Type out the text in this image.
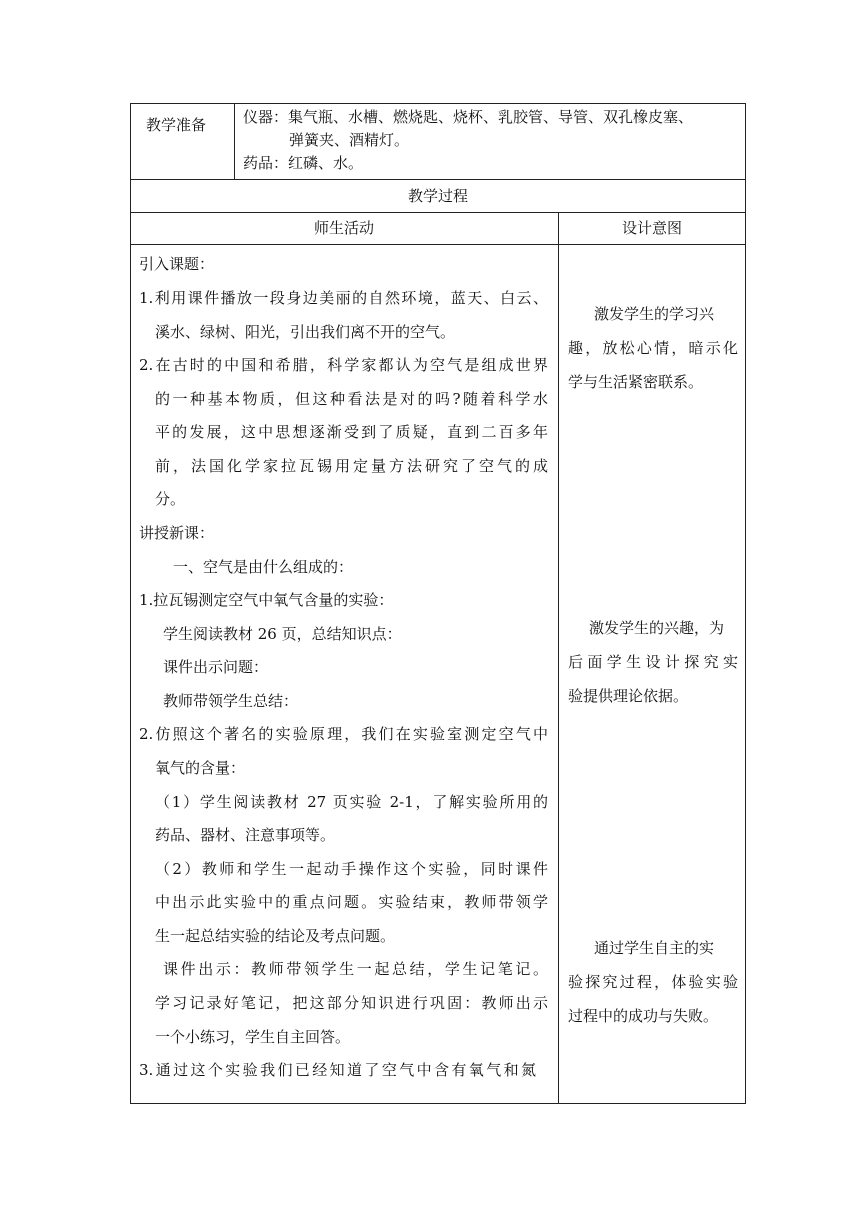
教学准备 仪器：集气瓶、水槽、燃烧匙、烧杯、乳胶管、导管、双孔橡皮塞、
弹簧夹、酒精灯。
药品：红磷、水。
教学过程
师生活动	设计意图
引入课题：
1.利用课件播放一段身边美丽的自然环境，蓝天、白云、
溪水、绿树、阳光，引出我们离不开的空气。
2.在古时的中国和希腊，科学家都认为空气是组成世界
的一种基本物质，但这种看法是对的吗?随着科学水
平的发展，这中思想逐渐受到了质疑，直到二百多年
前，法国化学家拉瓦锡用定量方法研究了空气的成
分。
讲授新课：
一、空气是由什么组成的：
1.拉瓦锡测定空气中氧气含量的实验：
学生阅读教材 26 页，总结知识点：
课件出示问题：
教师带领学生总结：
2.仿照这个著名的实验原理，我们在实验室测定空气中
氧气的含量：
（1）学生阅读教材 27 页实验 2-1，了解实验所用的
药品、器材、注意事项等。
（2）教师和学生一起动手操作这个实验，同时课件
中出示此实验中的重点问题。实验结束，教师带领学
生一起总结实验的结论及考点问题。
课件出示：教师带领学生一起总结，学生记笔记。
学习记录好笔记，把这部分知识进行巩固：教师出示
一个小练习，学生自主回答。
3.通过这个实验我们已经知道了空气中含有氧气和氮
激发学生的学习兴
趣，放松心情，暗示化
学与生活紧密联系。
激发学生的兴趣，为
后面学生设计探究实
验提供理论依据。
通过学生自主的实
验探究过程，体验实验
过程中的成功与失败。
